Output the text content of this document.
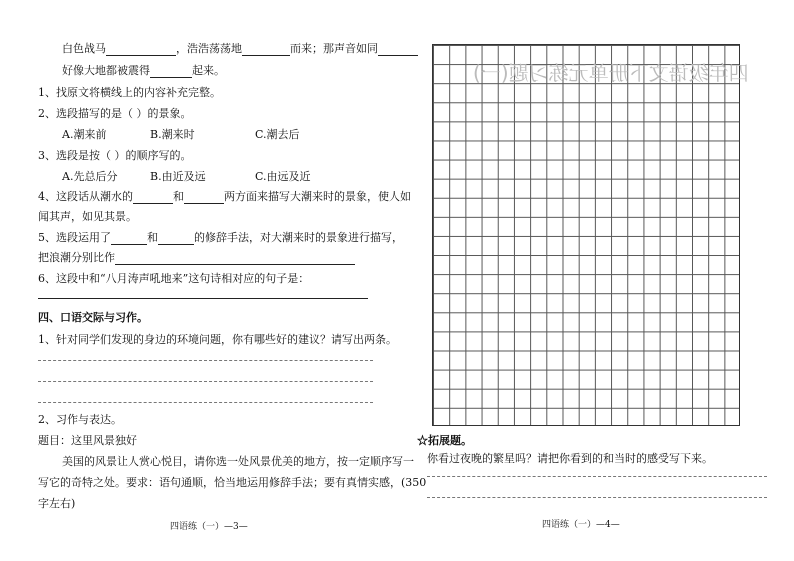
白色战马	，浩浩荡荡地	而来；那声音如同
好像大地都被震得	起来。
1、找原文将横线上的内容补充完整。
2、选段描写的是（ ）的景象。
A.潮来前	B.潮来时	C.潮去后
3、选段是按（ ）的顺序写的。
A.先总后分	B.由近及远	C.由远及近
4、这段话从潮水的	和	两方面来描写大潮来时的景象，使人如
闻其声，如见其景。
5、选段运用了	和	的修辞手法，对大潮来时的景象进行描写，
把浪潮分别比作
6、这段中和“八月涛声吼地来”这句诗相对应的句子是：
四、口语交际与习作。
1、针对同学们发现的身边的环境问题，你有哪些好的建议？请写出两条。
2、习作与表达。
题目：这里风景独好
美国的风景让人赏心悦目，请你选一处风景优美的地方，按一定顺序写一
写它的奇特之处。要求：语句通顺，恰当地运用修辞手法；要有真情实感，(350
字左右)
四语练（一）—3—
四年级语文下册单元练习题(一)
☆拓展题。
你看过夜晚的繁星吗？请把你看到的和当时的感受写下来。
四语练（一）—4—
